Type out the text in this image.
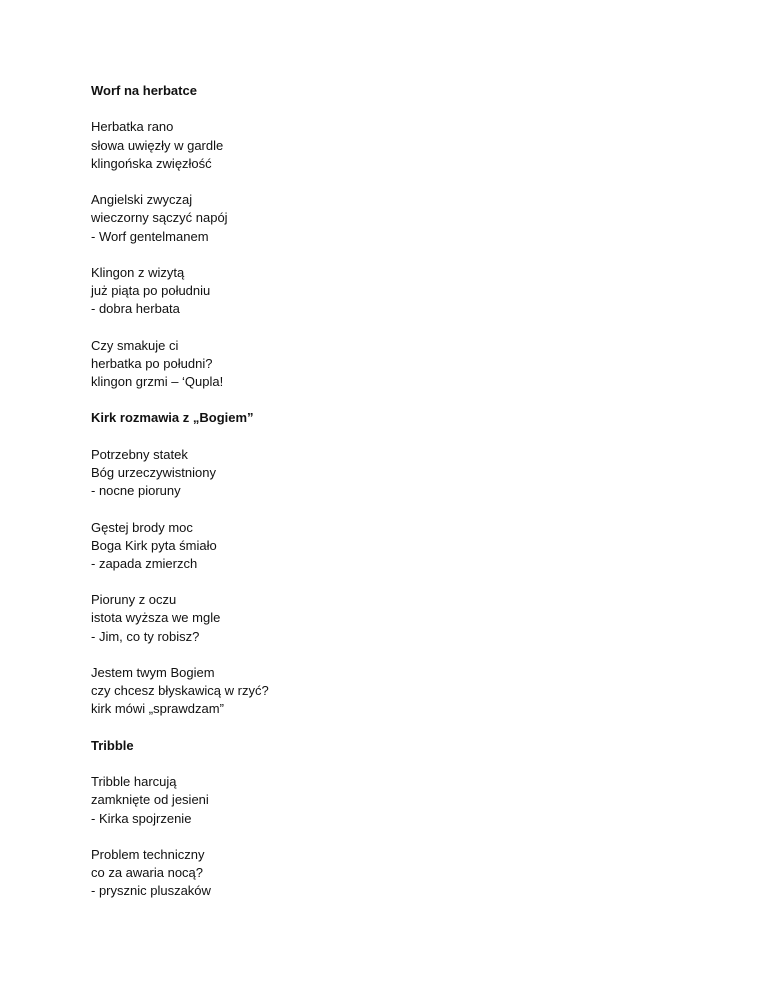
Worf na herbatce
Herbatka rano
słowa uwięzły w gardle
klingońska zwięzłość
Angielski zwyczaj
wieczorny sączyć napój
- Worf gentelmanem
Klingon z wizytą
już piąta po południu
- dobra herbata
Czy smakuje ci
herbatka po południ?
klingon grzmi – ‘Qupla!
Kirk rozmawia z „Bogiem”
Potrzebny statek
Bóg urzeczywistniony
- nocne pioruny
Gęstej brody moc
Boga Kirk pyta śmiało
- zapada zmierzch
Pioruny z oczu
istota wyższa we mgle
- Jim, co ty robisz?
Jestem twym Bogiem
czy chcesz błyskawicą w rzyć?
kirk mówi „sprawdzam”
Tribble
Tribble harcują
zamknięte od jesieni
- Kirka spojrzenie
Problem techniczny
co za awaria nocą?
- prysznic pluszaków
